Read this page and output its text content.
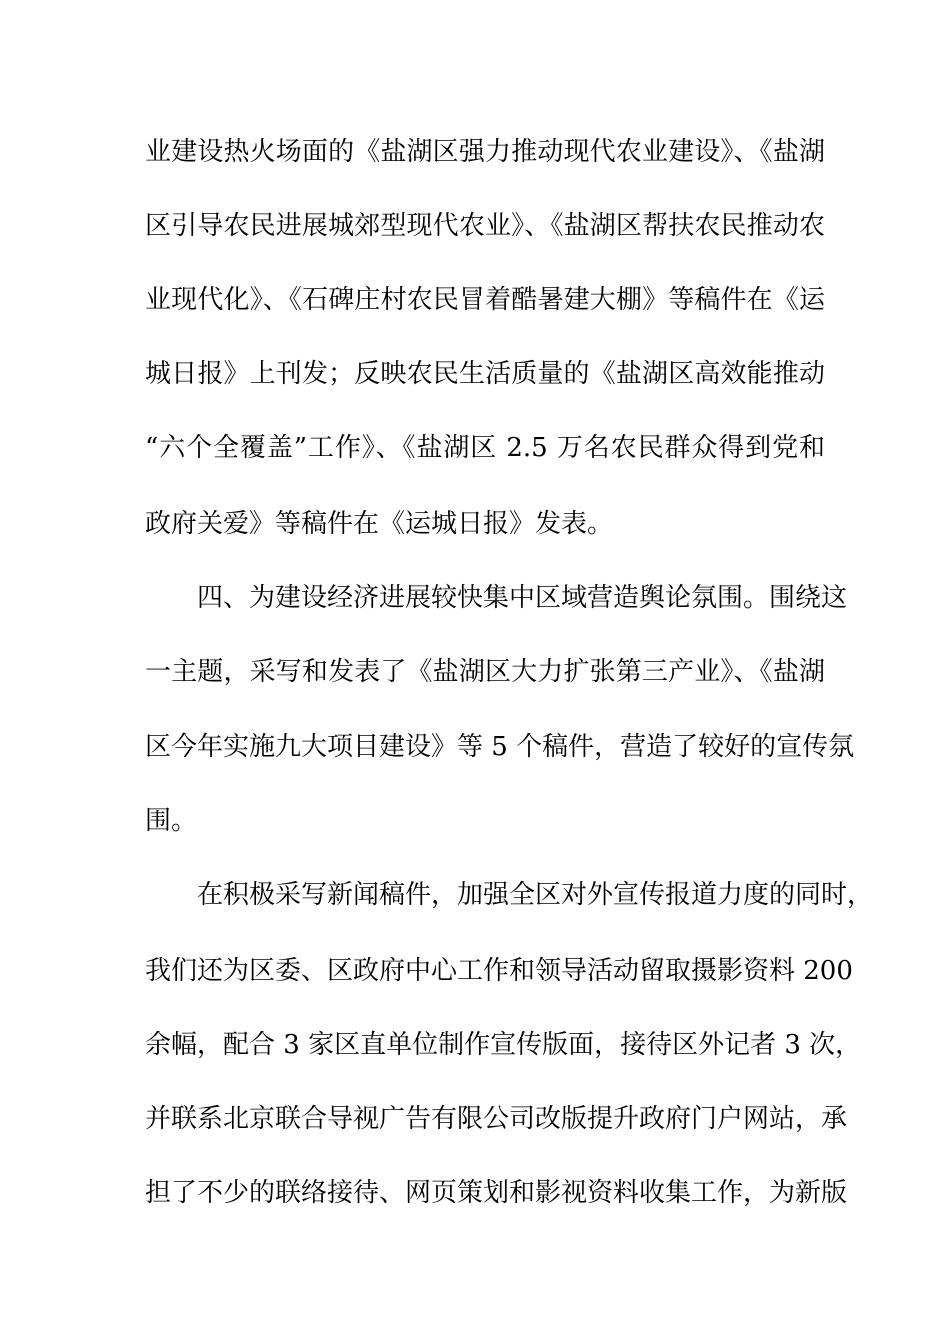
业建设热火场面的《盐湖区强力推动现代农业建设》、《盐湖
区引导农民进展城郊型现代农业》、《盐湖区帮扶农民推动农
业现代化》、《石碑庄村农民冒着酷暑建大棚》等稿件在《运
城日报》上刊发；反映农民生活质量的《盐湖区高效能推动
“六个全覆盖”工作》、《盐湖区 2.5 万名农民群众得到党和
政府关爱》等稿件在《运城日报》发表。
　　四、为建设经济进展较快集中区域营造舆论氛围。围绕这
一主题，采写和发表了《盐湖区大力扩张第三产业》、《盐湖
区今年实施九大项目建设》等 5 个稿件，营造了较好的宣传氛
围。
　　在积极采写新闻稿件，加强全区对外宣传报道力度的同时，
我们还为区委、区政府中心工作和领导活动留取摄影资料 200
余幅，配合 3 家区直单位制作宣传版面，接待区外记者 3 次，
并联系北京联合导视广告有限公司改版提升政府门户网站，承
担了不少的联络接待、网页策划和影视资料收集工作，为新版
